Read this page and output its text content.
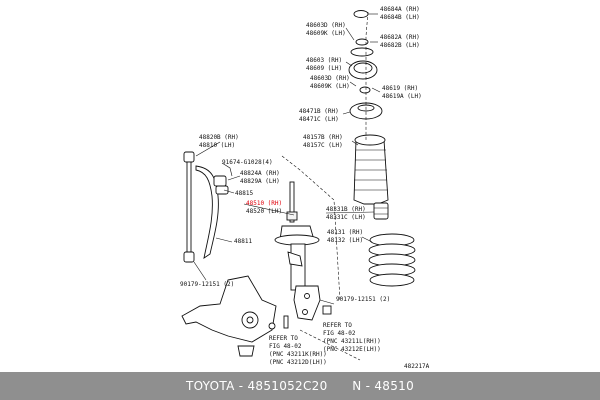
48684A (RH)
48684B (LH)
48603D (RH)
48609K (LH)
48682A (RH)
48682B (LH)
48603 (RH)
48609 (LH)
48603D (RH)
48609K (LH)	48619 (RH)
48619A (LH)
48471B (RH)
48471C (LH)
48157B (RH)
48157C (LH)
48820B (RH)
48810 (LH)
91674-G1028(4)
48824A (RH)
48829A (LH)
48815
48510 (RH)
48520 (LH)	48331B (RH)
48331C (LH)
48131 (RH)
48132 (LH)
48811
90179-12151 (2)
90179-12151 (2)
REFER TO
FIG 48-02
(PNC 43211K(RH))
(PNC 43212D(LH))
REFER TO
FIG 48-02
(PNC 43211L(RH))
(PNC 43212E(LH))
482217A
TOYOTA - 4851052C20
N - 48510
